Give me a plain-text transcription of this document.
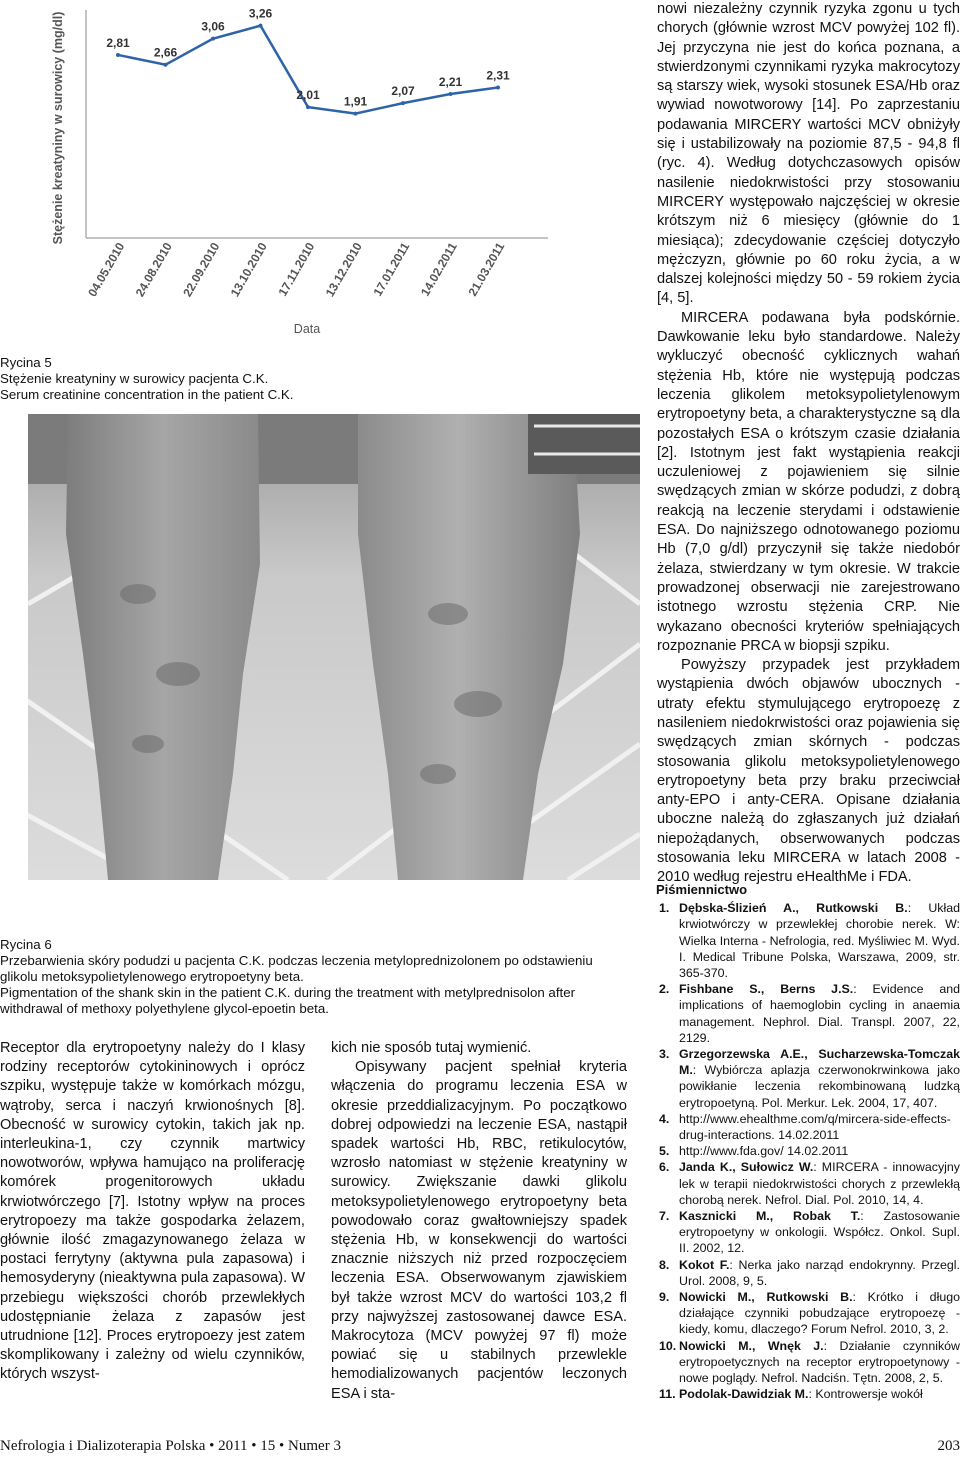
Stężenie kreatyniny w surowicy (mg/dl)
Data
04.05.2010 24.08.2010 22.09.2010 13.10.2010 17.11.2010 13.12.2010 17.01.2011 14.02.2011 21.03.2011
2,81
2,66
3,06
3,26
2,01 1,91
2,07
2,21 2,31
Rycina 5
Stężenie kreatyniny w surowicy pacjenta C.K.
Serum creatinine concentration in the patient C.K.
Rycina 6
Przebarwienia skóry podudzi u pacjenta C.K. podczas leczenia metyloprednizolonem po odstawieniu glikolu metoksypolietylenowego erytropoetyny beta.
Pigmentation of the shank skin in the patient C.K. during the treatment with metylprednisolon after withdrawal of methoxy polyethylene glycol-epoetin beta.

nowi niezależny czynnik ryzyka zgonu u tych chorych (głównie wzrost MCV powyżej 102 fl). Jej przyczyna nie jest do końca poznana, a stwierdzonymi czynnikami ryzyka makrocytozy są starszy wiek, wysoki stosunek ESA/Hb oraz wywiad nowotworowy [14]. Po zaprzestaniu podawania MIRCERY wartości MCV obniżyły się i ustabilizowały na poziomie 87,5 - 94,8 fl (ryc. 4). Według dotychczasowych opisów nasilenie niedokrwistości przy stosowaniu MIRCERY występowało najczęściej w okresie krótszym niż 6 miesięcy (głównie do 1 miesiąca); zdecydowanie częściej dotyczyło mężczyzn, głównie po 60 roku życia, a w dalszej kolejności między 50 - 59 rokiem życia [4, 5].

MIRCERA podawana była podskórnie. Dawkowanie leku było standardowe. Należy wykluczyć obecność cyklicznych wahań stężenia Hb, które nie występują podczas leczenia glikolem metoksypolietylenowym erytropoetyny beta, a charakterystyczne są dla pozostałych ESA o krótszym czasie działania [2]. Istotnym jest fakt wystąpienia reakcji uczuleniowej z pojawieniem się silnie swędzących zmian w skórze podudzi, z dobrą reakcją na leczenie sterydami i odstawienie ESA. Do najniższego odnotowanego poziomu Hb (7,0 g/dl) przyczynił się także niedobór żelaza, stwierdzany w tym okresie. W trakcie prowadzonej obserwacji nie zarejestrowano istotnego wzrostu stężenia CRP. Nie wykazano obecności kryteriów spełniających rozpoznanie PRCA w biopsji szpiku.

Powyższy przypadek jest przykładem wystąpienia dwóch objawów ubocznych - utraty efektu stymulującego erytropoezę z nasileniem niedokrwistości oraz pojawienia się swędzących zmian skórnych - podczas stosowania glikolu metoksypolietylenowego erytropoetyny beta przy braku przeciwciał anty-EPO i anty-CERA. Opisane działania uboczne należą do zgłaszanych już działań niepożądanych, obserwowanych podczas stosowania leku MIRCERA w latach 2008 - 2010 według rejestru eHealthMe i FDA.

Receptor dla erytropoetyny należy do I klasy rodziny receptorów cytokininowych i oprócz szpiku, występuje także w komórkach mózgu, wątroby, serca i naczyń krwionośnych [8]. Obecność w surowicy cytokin, takich jak np. interleukina-1, czy czynnik martwicy nowotworów, wpływa hamująco na proliferację komórek progenitorowych układu krwiotwórczego [7]. Istotny wpływ na proces erytropoezy ma także gospodarka żelazem, głównie ilość zmagazynowanego żelaza w postaci ferrytyny (aktywna pula zapasowa) i hemosyderyny (nieaktywna pula zapasowa). W przebiegu większości chorób przewlekłych udostępnianie żelaza z zapasów jest utrudnione [12]. Proces erytropoezy jest zatem skomplikowany i zależny od wielu czynników, których wszyst-

kich nie sposób tutaj wymienić.

Opisywany pacjent spełniał kryteria włączenia do programu leczenia ESA w okresie przeddializacyjnym. Po początkowo dobrej odpowiedzi na leczenie ESA, nastąpił spadek wartości Hb, RBC, retikulocytów, wzrosło natomiast w stężenie kreatyniny w surowicy. Zwiększanie dawki glikolu metoksypolietylenowego erytropoetyny beta powodowało coraz gwałtowniejszy spadek stężenia Hb, w konsekwencji do wartości znacznie niższych niż przed rozpoczęciem leczenia ESA. Obserwowanym zjawiskiem był także wzrost MCV do wartości 103,2 fl przy najwyższej zastosowanej dawce ESA. Makrocytoza (MCV powyżej 97 fl) może powiać się u stabilnych przewlekle hemodializowanych pacjentów leczonych ESA i sta-

Piśmiennictwo
1. Dębska-Ślizień A., Rutkowski B.: Układ krwiotwórczy w przewlekłej chorobie nerek. W: Wielka Interna - Nefrologia, red. Myśliwiec M. Wyd. I. Medical Tribune Polska, Warszawa, 2009, str. 365-370.
2. Fishbane S., Berns J.S.: Evidence and implications of haemoglobin cycling in anaemia management. Nephrol. Dial. Transpl. 2007, 22, 2129.
3. Grzegorzewska A.E., Sucharzewska-Tomczak M.: Wybiórcza aplazja czerwonokrwinkowa jako powikłanie leczenia rekombinowaną ludzką erytropoetyną. Pol. Merkur. Lek. 2004, 17, 407.
4. http://www.ehealthme.com/q/mircera-side-effects-drug-interactions. 14.02.2011
5. http://www.fda.gov/ 14.02.2011
6. Janda K., Sułowicz W.: MIRCERA - innowacyjny lek w terapii niedokrwistości chorych z przewlekłą chorobą nerek. Nefrol. Dial. Pol. 2010, 14, 4.
7. Kasznicki M., Robak T.: Zastosowanie erytropoetyny w onkologii. Współcz. Onkol. Supl. II. 2002, 12.
8. Kokot F.: Nerka jako narząd endokrynny. Przegl. Urol. 2008, 9, 5.
9. Nowicki M., Rutkowski B.: Krótko i długo działające czynniki pobudzające erytropoezę - kiedy, komu, dlaczego? Forum Nefrol. 2010, 3, 2.
10. Nowicki M., Wnęk J.: Działanie czynników erytropoetycznych na receptor erytropoetynowy - nowe poglądy. Nefrol. Nadciśn. Tętn. 2008, 2, 5.
11. Podolak-Dawidziak M.: Kontrowersje wokół
Nefrologia i Dializoterapia Polska • 2011 • 15 • Numer 3	203
